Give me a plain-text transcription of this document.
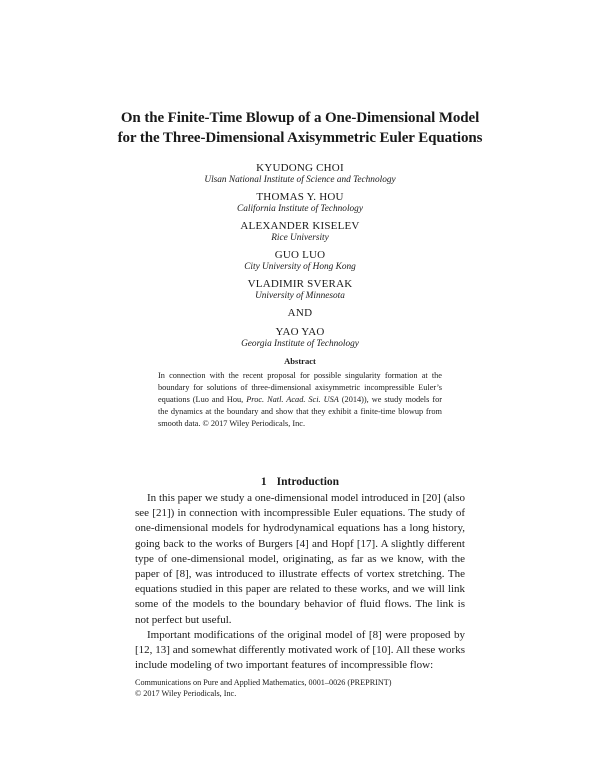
On the Finite-Time Blowup of a One-Dimensional Model
for the Three-Dimensional Axisymmetric Euler Equations
KYUDONG CHOI
Ulsan National Institute of Science and Technology
THOMAS Y. HOU
California Institute of Technology
ALEXANDER KISELEV
Rice University
GUO LUO
City University of Hong Kong
VLADIMIR SVERAK
University of Minnesota
AND
YAO YAO
Georgia Institute of Technology
Abstract

In connection with the recent proposal for possible singularity formation at the boundary for solutions of three-dimensional axisymmetric incompressible Euler’s equations (Luo and Hou, Proc. Natl. Acad. Sci. USA (2014)), we study models for the dynamics at the boundary and show that they exhibit a finite-time blowup from smooth data. © 2017 Wiley Periodicals, Inc.

1 Introduction

In this paper we study a one-dimensional model introduced in [20] (also see [21]) in connection with incompressible Euler equations. The study of one-dimensional models for hydrodynamical equations has a long history, going back to the works of Burgers [4] and Hopf [17]. A slightly different type of one-dimensional model, originating, as far as we know, with the paper of [8], was introduced to illustrate effects of vortex stretching. The equations studied in this paper are related to these works, and we will link some of the models to the boundary behavior of fluid flows. The link is not perfect but useful.

Important modifications of the original model of [8] were proposed by [12, 13] and somewhat differently motivated work of [10]. All these works include modeling of two important features of incompressible flow:

Communications on Pure and Applied Mathematics, 0001–0026 (PREPRINT)
© 2017 Wiley Periodicals, Inc.
